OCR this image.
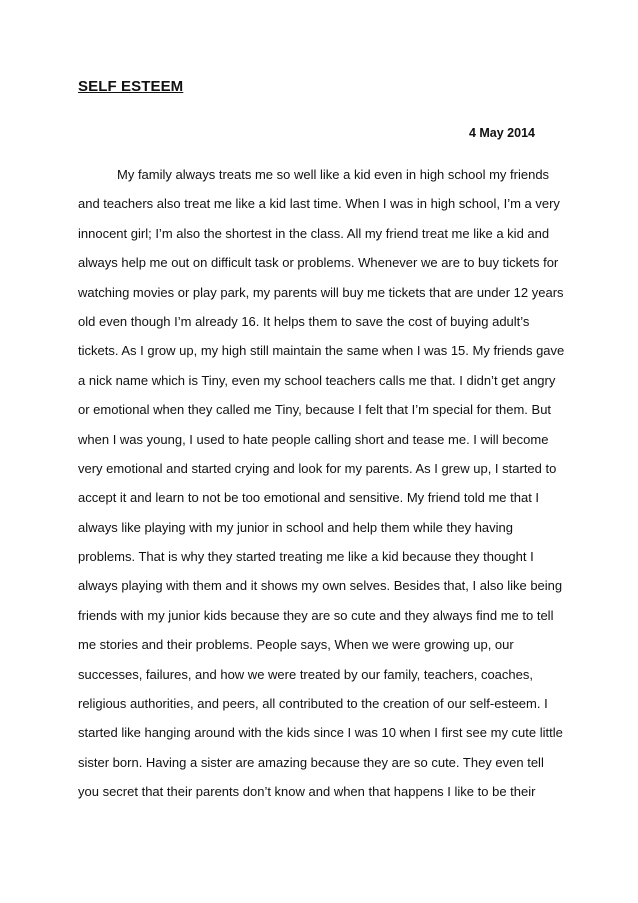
SELF ESTEEM

4 May 2014

My family always treats me so well like a kid even in high school my friends
and teachers also treat me like a kid last time. When I was in high school, I’m a very
innocent girl; I’m also the shortest in the class. All my friend treat me like a kid and
always help me out on difficult task or problems. Whenever we are to buy tickets for
watching movies or play park, my parents will buy me tickets that are under 12 years
old even though I’m already 16. It helps them to save the cost of buying adult’s
tickets. As I grow up, my high still maintain the same when I was 15. My friends gave
a nick name which is Tiny, even my school teachers calls me that. I didn’t get angry
or emotional when they called me Tiny, because I felt that I’m special for them. But
when I was young, I used to hate people calling short and tease me. I will become
very emotional and started crying and look for my parents. As I grew up, I started to
accept it and learn to not be too emotional and sensitive. My friend told me that I
always like playing with my junior in school and help them while they having
problems. That is why they started treating me like a kid because they thought I
always playing with them and it shows my own selves. Besides that, I also like being
friends with my junior kids because they are so cute and they always find me to tell
me stories and their problems. People says, When we were growing up, our
successes, failures, and how we were treated by our family, teachers, coaches,
religious authorities, and peers, all contributed to the creation of our self-esteem. I
started like hanging around with the kids since I was 10 when I first see my cute little
sister born. Having a sister are amazing because they are so cute. They even tell
you secret that their parents don’t know and when that happens I like to be their
